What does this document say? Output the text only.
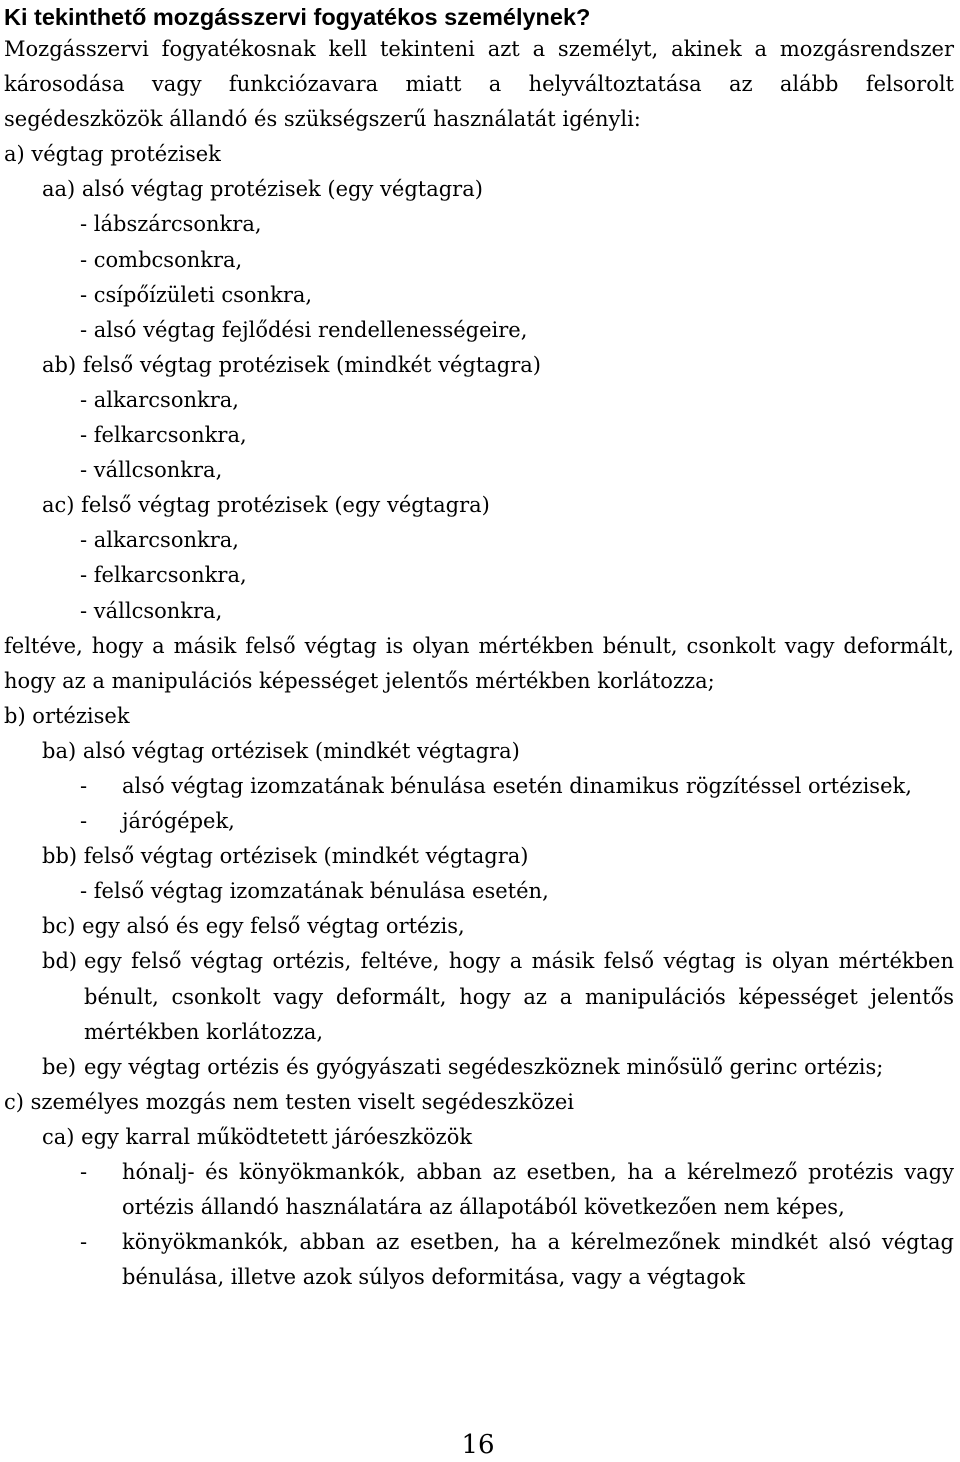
Ki tekinthető mozgásszervi fogyatékos személynek?

Mozgásszervi fogyatékosnak kell tekinteni azt a személyt, akinek a mozgásrendszer károsodása vagy funkciózavara miatt a helyváltoztatása az alább felsorolt segédeszközök állandó és szükségszerű használatát igényli:

a) végtag protézisek

aa) alsó végtag protézisek (egy végtagra)

- lábszárcsonkra,

- combcsonkra,

- csípőízületi csonkra,

- alsó végtag fejlődési rendellenességeire,

ab) felső végtag protézisek (mindkét végtagra)

- alkarcsonkra,

- felkarcsonkra,

- vállcsonkra,

ac) felső végtag protézisek (egy végtagra)

- alkarcsonkra,

- felkarcsonkra,

- vállcsonkra,

feltéve, hogy a másik felső végtag is olyan mértékben bénult, csonkolt vagy deformált, hogy az a manipulációs képességet jelentős mértékben korlátozza;

b) ortézisek

ba) alsó végtag ortézisek (mindkét végtagra)

-	alsó végtag izomzatának bénulása esetén dinamikus rögzítéssel ortézisek,
-	járógépek,

bb) felső végtag ortézisek (mindkét végtagra)

- felső végtag izomzatának bénulása esetén,

bc) egy alsó és egy felső végtag ortézis,

bd) egy felső végtag ortézis, feltéve, hogy a másik felső végtag is olyan mértékben bénult, csonkolt vagy deformált, hogy az a manipulációs képességet jelentős mértékben korlátozza,
be) egy végtag ortézis és gyógyászati segédeszköznek minősülő gerinc ortézis;

c) személyes mozgás nem testen viselt segédeszközei

ca) egy karral működtetett járóeszközök

-	hónalj- és könyökmankók, abban az esetben, ha a kérelmező protézis vagy ortézis állandó használatára az állapotából következően nem képes,
-	könyökmankók, abban az esetben, ha a kérelmezőnek mindkét alsó végtag bénulása, illetve azok súlyos deformitása, vagy a végtagok

16
